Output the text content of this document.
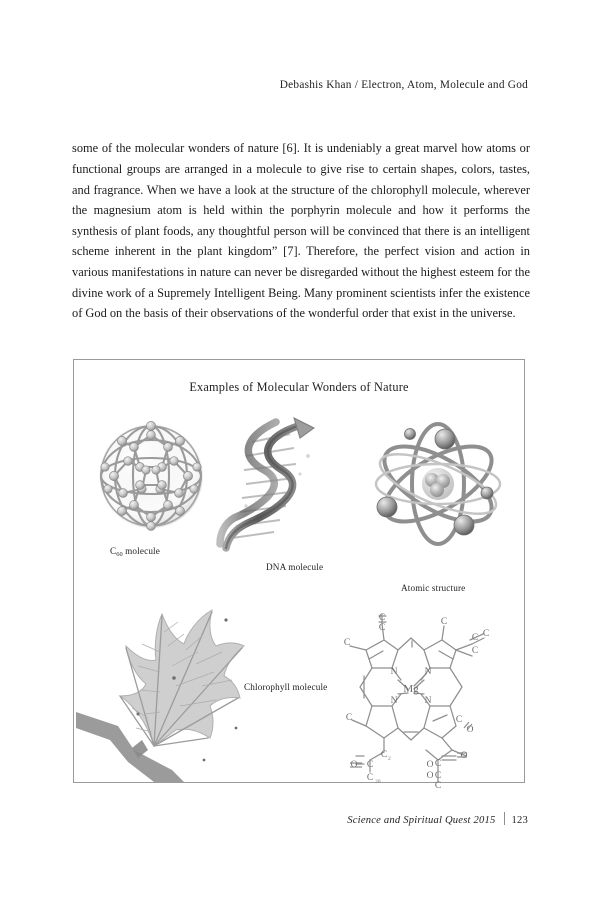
Debashis Khan / Electron, Atom, Molecule and God

some of the molecular wonders of nature [6]. It is undeniably a great marvel how atoms or functional groups are arranged in a molecule to give rise to certain shapes, colors, tastes, and fragrance. When we have a look at the structure of the chlorophyll molecule, wherever the magnesium atom is held within the porphyrin molecule and how it performs the synthesis of plant foods, any thoughtful person will be convinced that there is an intelligent scheme inherent in the plant kingdom” [7]. Therefore, the perfect vision and action in various manifestations in nature can never be disregarded without the highest esteem for the divine work of a Supremely Intelligent Being. Many prominent scientists infer the existence of God on the basis of their observations of the wonderful order that exist in the universe.

Examples of Molecular Wonders of Nature
$C_{60}$ molecule
DNA molecule
Atomic structure
Chlorophyll molecule	Mg
N	N
N	N
C
C
C
C
C C
C
C	C
C
C
C
C
C
C
O
O
O
O
O
2
20
Science and Spiritual Quest 2015 123
